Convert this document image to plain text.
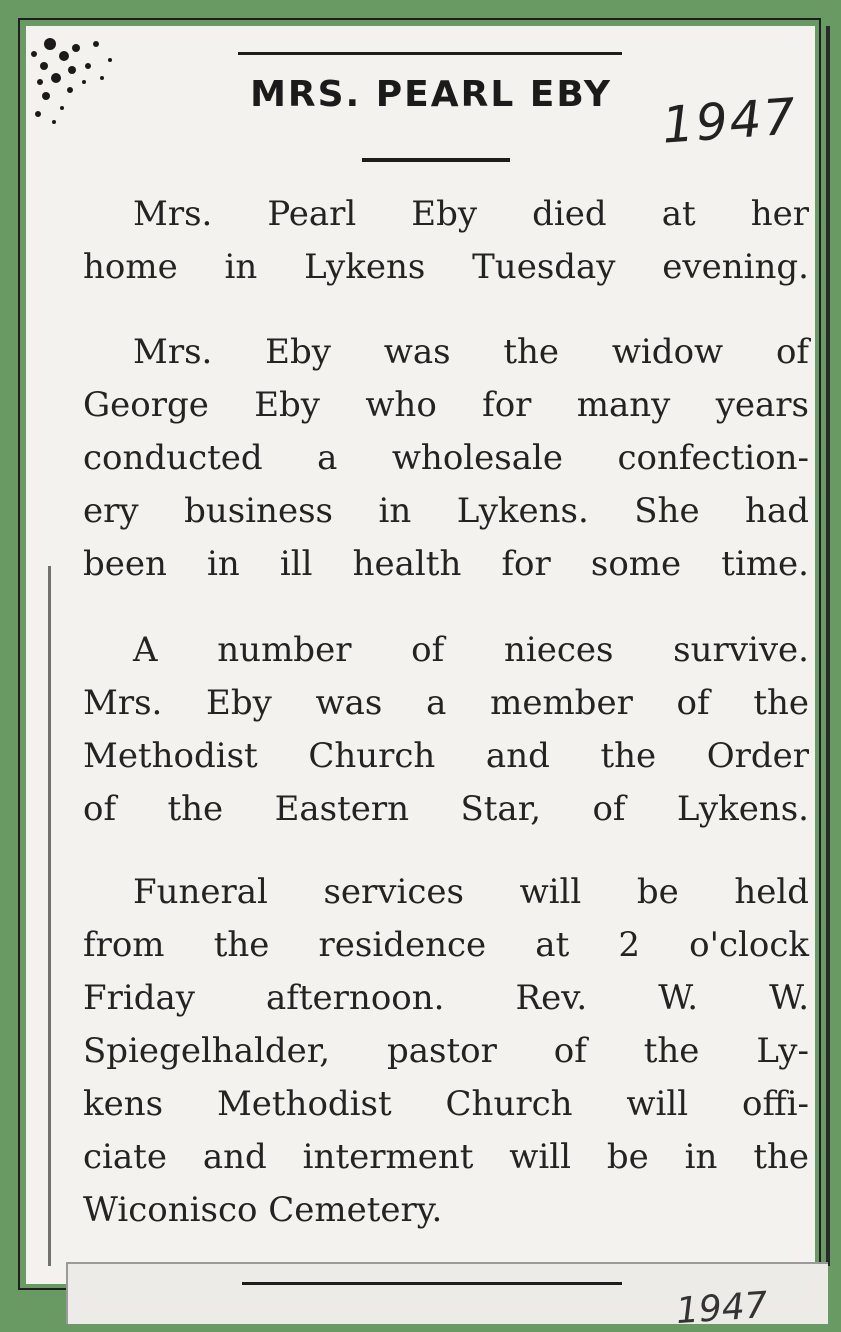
MRS. PEARL EBY 1947
Mrs. Pearl Eby died at her
home in Lykens Tuesday evening.
Mrs. Eby was the widow of
George Eby who for many years
conducted a wholesale confection-
ery business in Lykens. She had
been in ill health for some time.
A number of nieces survive.
Mrs. Eby was a member of the
Methodist Church and the Order
of the Eastern Star, of Lykens.
Funeral services will be held
from the residence at 2 o'clock
Friday afternoon. Rev. W. W.
Spiegelhalder, pastor of the Ly-
kens Methodist Church will offi-
ciate and interment will be in the
Wiconisco Cemetery.
1947
